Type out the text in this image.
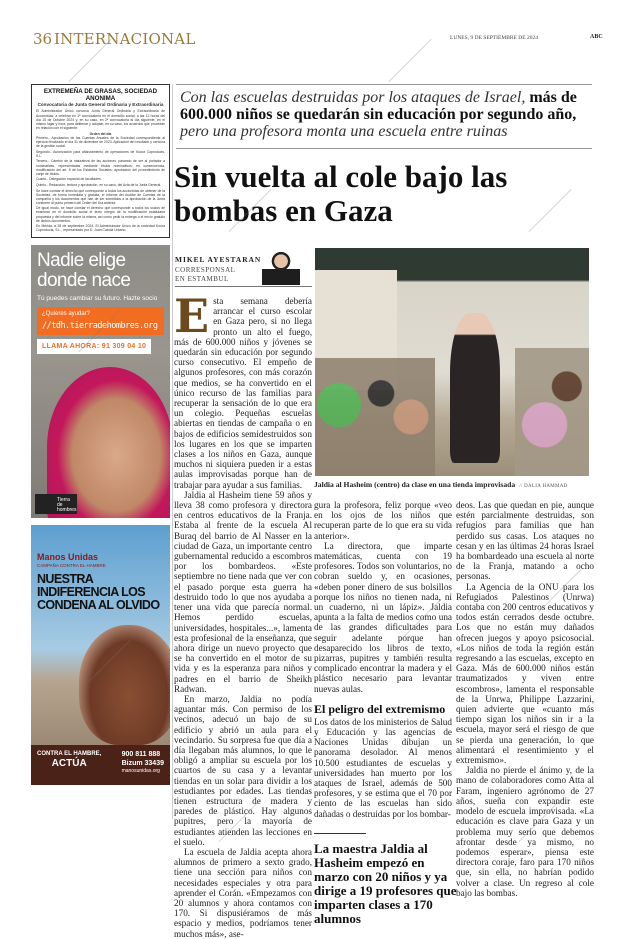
36 INTERNACIONAL	LUNES, 9 DE SEPTIEMBRE DE 2024	ABC
EXTREMEÑA DE GRASAS, SOCIEDAD ANONIMA
Convocatoria de Junta General Ordinaria y Extraordinaria

El Administrador Único convoca Junta General Ordinaria y Extraordinaria de Accionistas, a celebrar en 1ª convocatoria en el domicilio social, a las 12 horas del día 15 de Octubre 2024 y, en su caso, en 2ª convocatoria al día siguiente, en el mismo lugar y hora, para deliberar y adoptar, en su caso, los acuerdos que procedan en relación con el siguiente:

Orden del día

Primero.- Aprobación de las Cuentas Anuales de la Sociedad correspondiente al ejercicio finalizado el día 31 de diciembre de 2023. Aplicación del resultado y censura de la gestión social.

Segundo.- Autorización para afianzamiento de operaciones de Koura Coproducts, S.L.

Tercero.- Cambio de la naturaleza de las acciones, pasando de ser al portador a nominativas, representadas mediante títulos nominativos; en consecuencia, modificación del art. 6 de los Estatutos Sociales; aprobación del procedimiento de canje de títulos.

Cuarto.- Delegación especial de facultades.

Quinto.- Redacción, lectura y aprobación, en su caso, del Acta de la Junta General.

Se hace constar el derecho que corresponde a todos los accionistas de obtener de la Sociedad, de forma inmediata y gratuita, el Informe del Auditor de Cuentas de la compañía y los documentos que han de ser sometidos a la aprobación de la Junta conforme al punto primero del Orden del Día anterior.

De igual modo, se hace constar el derecho que corresponde a todos los socios de examinar en el domicilio social el texto íntegro de la modificación estatutaria propuesta y del informe sobre la misma, así como pedir la entrega o el envío gratuito de dichos documentos.

En Mérida, a 28 de septiembre 2024. El Administrador Único de la sociedad Koura Coproducts, S.L., representado por D. Juan Cabolá Urbano.

Nadie elige donde nace
Tú puedes cambiar su futuro. Hazte socio
¿Quieres ayudar?
//tdh.tierradehombres.org
LLAMA AHORA: 91 309 04 10
Tierra de hombres
Manos Unidas
CAMPAÑA CONTRA EL HAMBRE
NUESTRA INDIFERENCIA LOS CONDENA AL OLVIDO
CONTRA EL HAMBRE,
ACTÚA
900 811 888
Bizum 33439
manosunidas.org
Con las escuelas destruidas por los ataques de Israel, más de 600.000 niños se quedarán sin educación por segundo año, pero una profesora monta una escuela entre ruinas
Sin vuelta al cole bajo las bombas en Gaza
MIKEL AYESTARAN
CORRESPONSAL
EN ESTAMBUL
Jaldia al Hasheim (centro) da clase en una tienda improvisada // DALIA HAMMAD

Esta semana debería arrancar el curso escolar en Gaza pero, si no llega pronto un alto el fuego, más de 600.000 niños y jóvenes se quedarán sin educación por segundo curso consecutivo. El empeño de algunos profesores, con más corazón que medios, se ha convertido en el único recurso de las familias para recuperar la sensación de lo que era un colegio. Pequeñas escuelas abiertas en tiendas de campaña o en bajos de edificios semidestruidos son los lugares en los que se imparten clases a los niños en Gaza, aunque muchos ni siquiera pueden ir a estas aulas improvisadas porque han de trabajar para ayudar a sus familias.

Jaldia al Hasheim tiene 59 años y lleva 38 como profesora y directora en centros educativos de la Franja. Estaba al frente de la escuela Al Buraq del barrio de Al Nasser en la ciudad de Gaza, un importante centro gubernamental reducido a escombros por los bombardeos. «Este septiembre no tiene nada que ver con el pasado porque esta guerra ha destruido todo lo que nos ayudaba a tener una vida que parecía normal. Hemos perdido escuelas, universidades, hospitales...», lamenta esta profesional de la enseñanza, que ahora dirige un nuevo proyecto que se ha convertido en el motor de su vida y es la esperanza para niños y padres en el barrio de Sheikh Radwan.

En marzo, Jaldia no podía aguantar más. Con permiso de los vecinos, adecuó un bajo de su edificio y abrió un aula para el vecindario. Su sorpresa fue que día a día llegaban más alumnos, lo que le obligó a ampliar su escuela por los cuartos de su casa y a levantar tiendas en un solar para dividir a los estudiantes por edades. Las tiendas tienen estructura de madera y paredes de plástico. Hay algunos pupitres, pero la mayoría de estudiantes atienden las lecciones en el suelo.

La escuela de Jaldia acepta ahora alumnos de primero a sexto grado, tiene una sección para niños con necesidades especiales y otra para aprender el Corán. «Empezamos con 20 alumnos y ahora contamos con 170. Si dispusiéramos de más espacio y medios, podríamos tener muchos más», ase-

gura la profesora, feliz porque «veo en los ojos de los niños que recuperan parte de lo que era su vida anterior».

La directora, que imparte matemáticas, cuenta con 19 profesores. Todos son voluntarios, no cobran sueldo y, en ocasiones, «deben poner dinero de sus bolsillos porque los niños no tienen nada, ni un cuaderno, ni un lápiz». Jaldia apunta a la falta de medios como una de las grandes dificultades para seguir adelante porque han desaparecido los libros de texto, pizarras, pupitres y también resulta complicado encontrar la madera y el plástico necesario para levantar nuevas aulas.

El peligro del extremismo

Los datos de los ministerios de Salud y Educación y las agencias de Naciones Unidas dibujan un panorama desolador. Al menos 10.500 estudiantes de escuelas y universidades han muerto por los ataques de Israel, además de 500 profesores, y se estima que el 70 por ciento de las escuelas han sido dañadas o destruidas por los bombar-

La maestra Jaldia al Hasheim empezó en marzo con 20 niños y ya dirige a 19 profesores que imparten clases a 170 alumnos

deos. Las que quedan en pie, aunque estén parcialmente destruidas, son refugios para familias que han perdido sus casas. Los ataques no cesan y en las últimas 24 horas Israel ha bombardeado una escuela al norte de la Franja, matando a ocho personas.

La Agencia de la ONU para los Refugiados Palestinos (Unrwa) contaba con 200 centros educativos y todos están cerrados desde octubre. Los que no están muy dañados ofrecen juegos y apoyo psicosocial. «Los niños de toda la región están regresando a las escuelas, excepto en Gaza. Más de 600.000 niños están traumatizados y viven entre escombros», lamenta el responsable de la Unrwa, Philippe Lazzarini, quien advierte que «cuanto más tiempo sigan los niños sin ir a la escuela, mayor será el riesgo de que se pierda una generación, lo que alimentará el resentimiento y el extremismo».

Jaldia no pierde el ánimo y, de la mano de colaboradores como Atta al Faram, ingeniero agrónomo de 27 años, sueña con expandir este modelo de escuela improvisada. «La educación es clave para Gaza y un problema muy serio que debemos afrontar desde ya mismo, no podemos esperar», piensa este directora coraje, faro para 170 niños que, sin ella, no habrían podido volver a clase. Un regreso al cole bajo las bombas.
